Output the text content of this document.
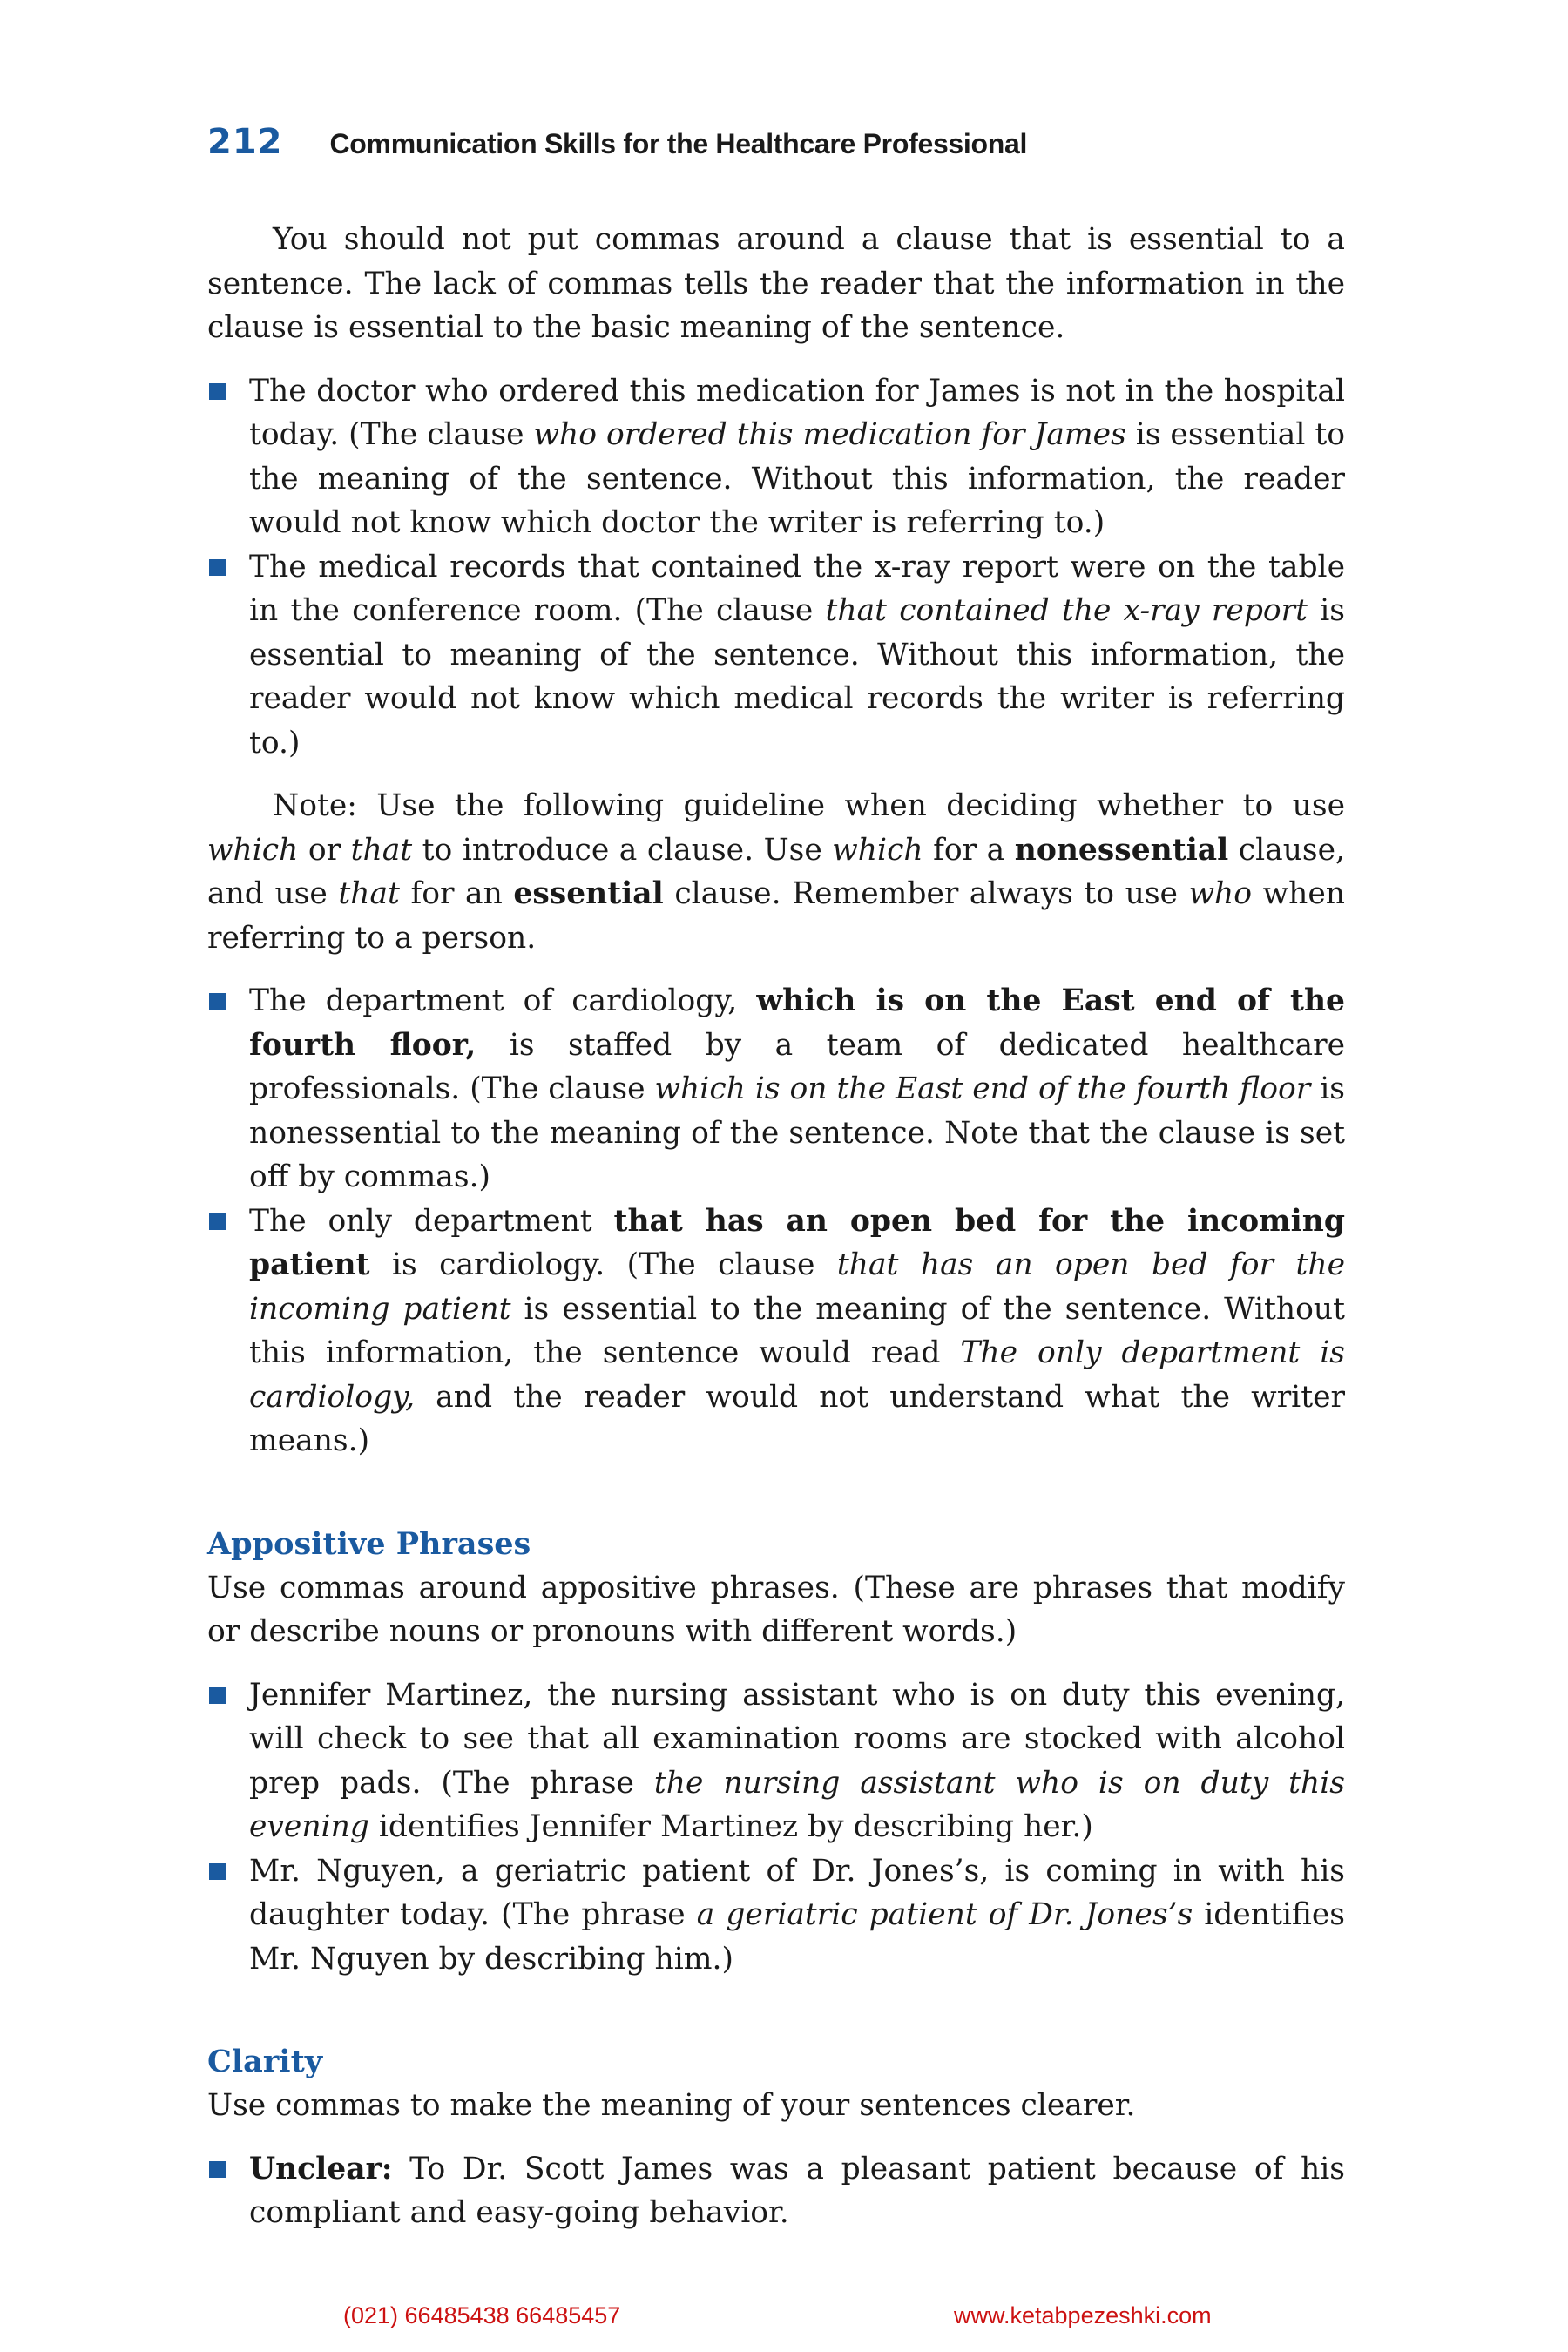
212 Communication Skills for the Healthcare Professional

You should not put commas around a clause that is essential to a sentence. The lack of commas tells the reader that the information in the clause is essential to the basic meaning of the sentence.

The doctor who ordered this medication for James is not in the hospital today. (The clause who ordered this medication for James is essential to the meaning of the sentence. Without this information, the reader would not know which doctor the writer is referring to.)
The medical records that contained the x-ray report were on the table in the conference room. (The clause that contained the x-ray report is essential to meaning of the sentence. Without this information, the reader would not know which medical records the writer is referring to.)

Note: Use the following guideline when deciding whether to use which or that to introduce a clause. Use which for a nonessential clause, and use that for an essential clause. Remember always to use who when referring to a person.

The department of cardiology, which is on the East end of the fourth floor, is staffed by a team of dedicated healthcare professionals. (The clause which is on the East end of the fourth floor is nonessential to the meaning of the sentence. Note that the clause is set off by commas.)
The only department that has an open bed for the incoming patient is cardiology. (The clause that has an open bed for the incoming patient is essential to the meaning of the sentence. Without this information, the sentence would read The only department is cardiology, and the reader would not understand what the writer means.)
Appositive Phrases

Use commas around appositive phrases. (These are phrases that modify or describe nouns or pronouns with different words.)

Jennifer Martinez, the nursing assistant who is on duty this evening, will check to see that all examination rooms are stocked with alcohol prep pads. (The phrase the nursing assistant who is on duty this evening identifies Jennifer Martinez by describing her.)
Mr. Nguyen, a geriatric patient of Dr. Jones’s, is coming in with his daughter today. (The phrase a geriatric patient of Dr. Jones’s identifies Mr. Nguyen by describing him.)
Clarity

Use commas to make the meaning of your sentences clearer.

Unclear: To Dr. Scott James was a pleasant patient because of his compliant and easy-going behavior.
(021) 66485438 66485457	www.ketabpezeshki.com
